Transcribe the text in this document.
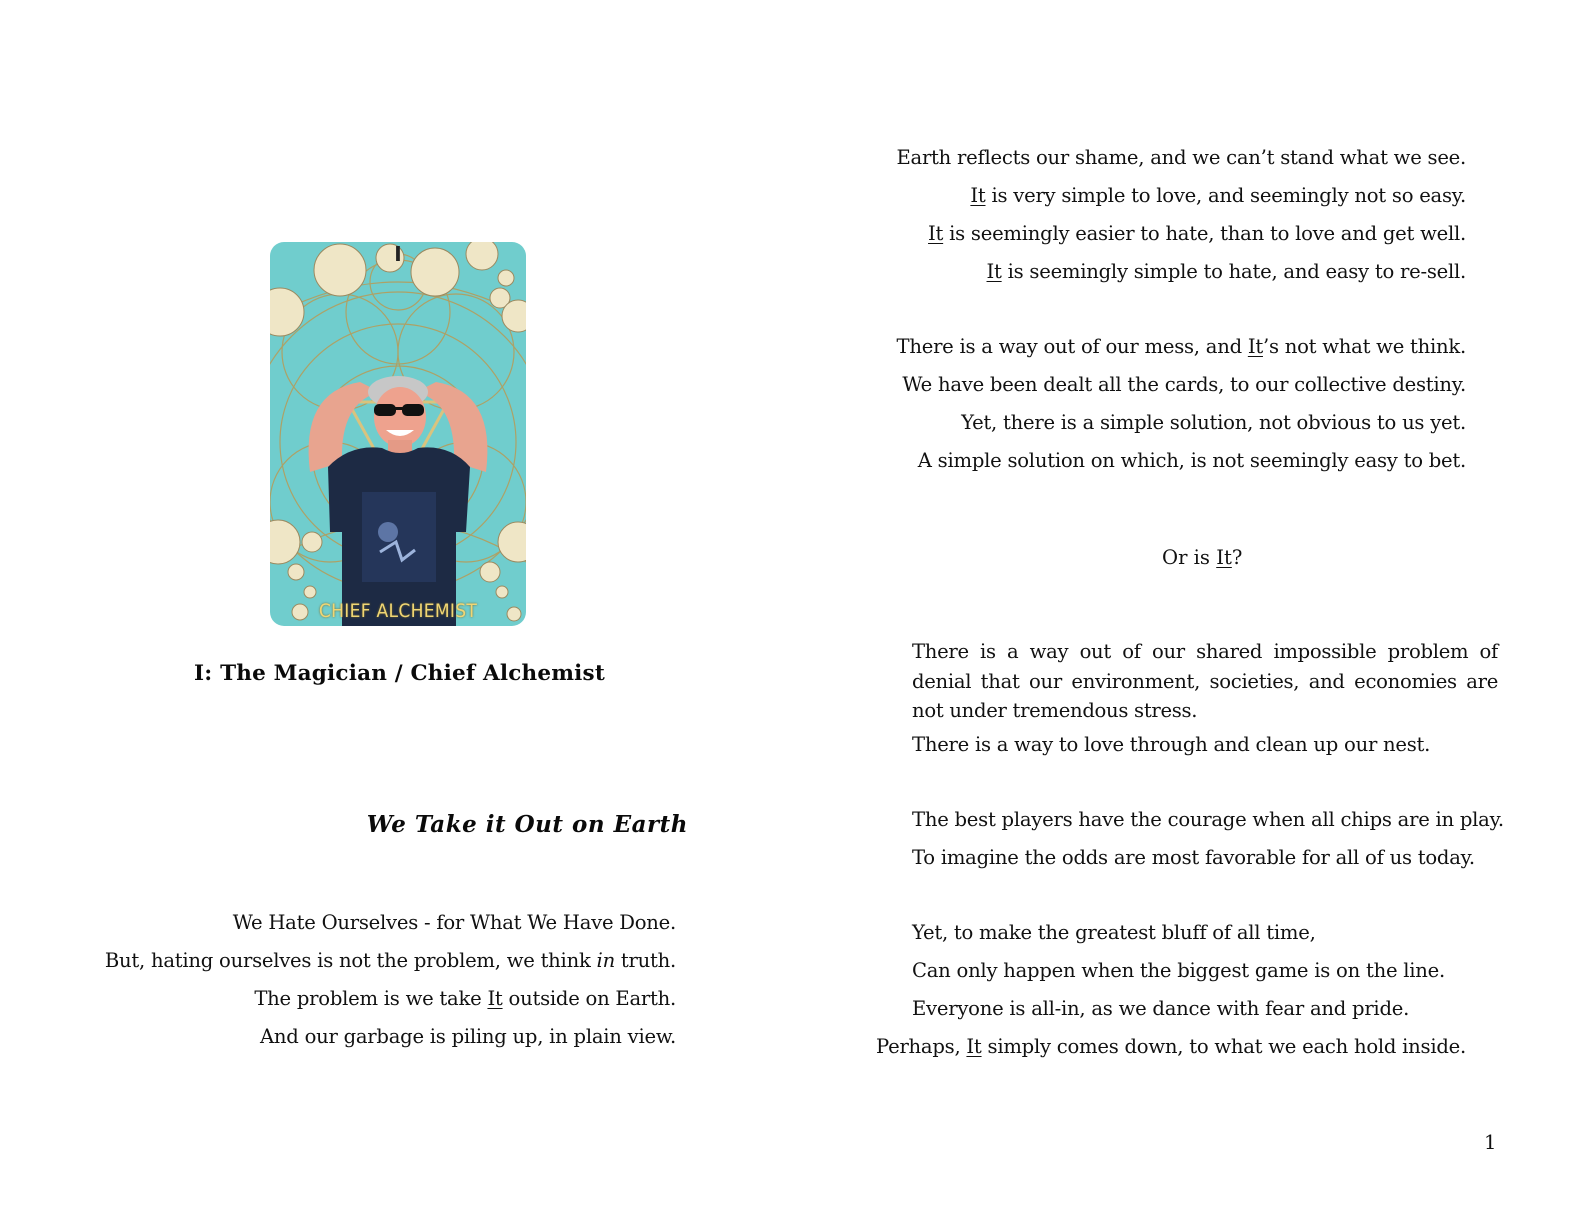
I
CHIEF ALCHEMIST
I: The Magician / Chief Alchemist
We Take it Out on Earth
We Hate Ourselves - for What We Have Done.
But, hating ourselves is not the problem, we think in truth.
The problem is we take It outside on Earth.
And our garbage is piling up, in plain view.
Earth reflects our shame, and we can’t stand what we see.
It is very simple to love, and seemingly not so easy.
It is seemingly easier to hate, than to love and get well.
It is seemingly simple to hate, and easy to re-sell.
There is a way out of our mess, and It’s not what we think.
We have been dealt all the cards, to our collective destiny.
Yet, there is a simple solution, not obvious to us yet.
A simple solution on which, is not seemingly easy to bet.
Or is It?
There is a way out of our shared impossible problem of denial that our environment, societies, and economies are not under tremendous stress.
There is a way to love through and clean up our nest.
The best players have the courage when all chips are in play.
To imagine the odds are most favorable for all of us today.
Yet, to make the greatest bluff of all time,
Can only happen when the biggest game is on the line.
Everyone is all-in, as we dance with fear and pride.
Perhaps, It simply comes down, to what we each hold inside.
1
